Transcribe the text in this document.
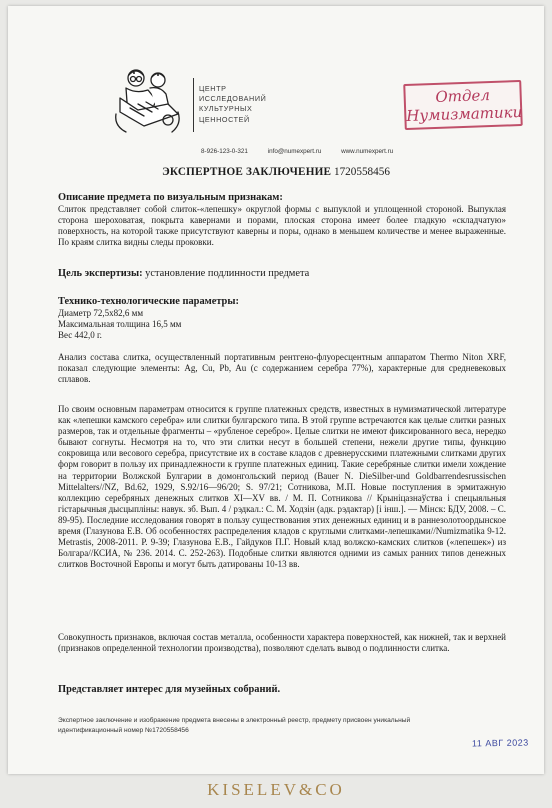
ЦЕНТР
ИССЛЕДОВАНИЙ
КУЛЬТУРНЫХ
ЦЕННОСТЕЙ
Отдел
Нумизматики
8-926-123-0-321	info@numexpert.ru	www.numexpert.ru
ЭКСПЕРТНОЕ ЗАКЛЮЧЕНИЕ 1720558456
Описание предмета по визуальным признакам:

Слиток представляет собой слиток-«лепешку» округлой формы с выпуклой и уплощенной стороной. Выпуклая сторона шероховатая, покрыта кавернами и порами, плоская сторона имеет более гладкую «складчатую» поверхность, на которой также присутствуют каверны и поры, однако в меньшем количестве и менее выраженные. По краям слитка видны следы проковки.

Цель экспертизы: установление подлинности предмета
Технико-технологические параметры:
Диаметр 72,5х82,6 мм
Максимальная толщина 16,5 мм
Вес 442,0 г.

Анализ состава слитка, осуществленный портативным рентгено-флуоресцентным аппаратом Thermo Niton XRF, показал следующие элементы: Ag, Cu, Pb, Au (с содержанием серебра 77%), характерные для средневековых сплавов.

По своим основным параметрам относится к группе платежных средств, известных в нумизматической литературе как «лепешки камского серебра» или слитки булгарского типа. В этой группе встречаются как целые слитки разных размеров, так и отдельные фрагменты – «рубленое серебро». Целые слитки не имеют фиксированного веса, нередко бывают согнуты. Несмотря на то, что эти слитки несут в большей степени, нежели другие типы, функцию сокровища или весового серебра, присутствие их в составе кладов с древнерусскими платежными слитками других форм говорит в пользу их принадлежности к группе платежных единиц. Такие серебряные слитки имели хождение на территории Волжской Булгарии в домонгольский период (Bauer N. DieSilber-und Goldbarrendesrussischen Mittelalters//NZ, Bd.62, 1929, S.92/16—96/20; S. 97/21; Сотникова, М.П. Новые поступления в эрмитажную коллекцию серебряных денежных слитков XI—XV вв. / М. П. Сотникова // Крыніцазнаўства і спецыяльныя гістарычныя дысцыпліны: навук. зб. Вып. 4 / рэдкал.: С. М. Ходзін (адк. рэдактар) [і інш.]. — Мінск: БДУ, 2008. – С. 89-95). Последние исследования говорят в пользу существования этих денежных единиц и в раннезолотоордынское время (Глазунова Е.В. Об особенностях распределения кладов с круглыми слитками-лепешками//Numizmatika 9-12. Metrastis, 2008-2011. Р. 9-39; Глазунова Е.В., Гайдуков П.Г. Новый клад волжско-камских слитков («лепешек») из Болгара//КСИА, № 236. 2014. С. 252-263). Подобные слитки являются одними из самых ранних типов денежных слитков Восточной Европы и могут быть датированы 10-13 вв.

Совокупность признаков, включая состав металла, особенности характера поверхностей, как нижней, так и верхней (признаков определенной технологии производства), позволяют сделать вывод о подлинности слитка.

Представляет интерес для музейных собраний.
Экспертное заключение и изображение предмета внесены в электронный реестр, предмету присвоен уникальный
идентификационный номер №1720558456
11 АВГ 2023
KISELEV&CO
